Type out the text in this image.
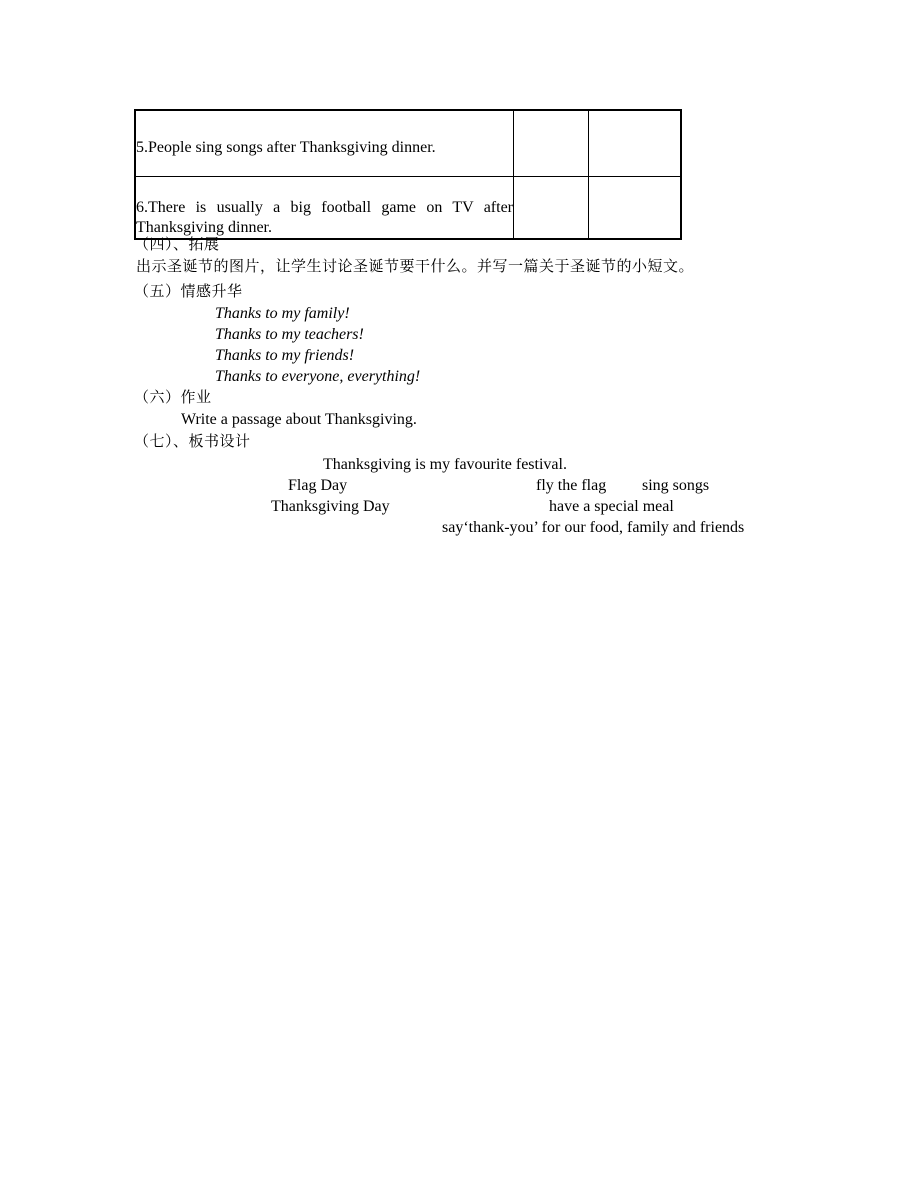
5.People sing songs after Thanksgiving dinner.		

6.There is usually a big football game on TV after
Thanksgiving dinner.		

（四）、拓展
出示圣诞节的图片，让学生讨论圣诞节要干什么。并写一篇关于圣诞节的小短文。
（五）情感升华
Thanks to my family!
Thanks to my teachers!
Thanks to my friends!
Thanks to everyone, everything!
（六）作业
Write a passage about Thanksgiving.
（七）、板书设计
Thanksgiving is my favourite festival.
Flag Day	fly the flag sing songs
Thanksgiving Day	have a special meal
say‘thank-you’ for our food, family and friends
